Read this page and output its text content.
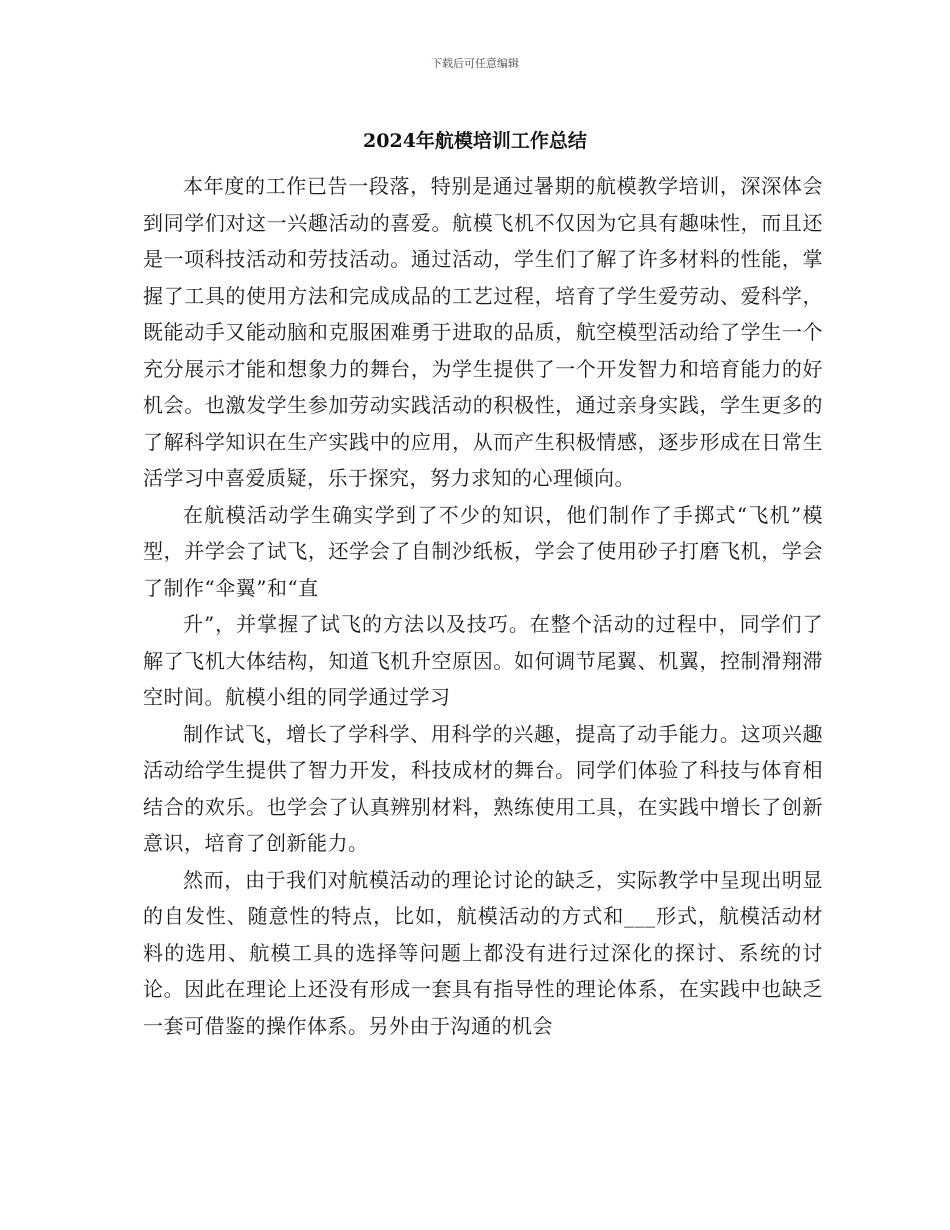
下载后可任意编辑
2024年航模培训工作总结

本年度的工作已告一段落，特别是通过暑期的航模教学培训，深深体会到同学们对这一兴趣活动的喜爱。航模飞机不仅因为它具有趣味性，而且还是一项科技活动和劳技活动。通过活动，学生们了解了许多材料的性能，掌握了工具的使用方法和完成成品的工艺过程，培育了学生爱劳动、爱科学，既能动手又能动脑和克服困难勇于进取的品质，航空模型活动给了学生一个充分展示才能和想象力的舞台，为学生提供了一个开发智力和培育能力的好机会。也激发学生参加劳动实践活动的积极性，通过亲身实践，学生更多的了解科学知识在生产实践中的应用，从而产生积极情感，逐步形成在日常生活学习中喜爱质疑，乐于探究，努力求知的心理倾向。

在航模活动学生确实学到了不少的知识，他们制作了手掷式“飞机”模型，并学会了试飞，还学会了自制沙纸板，学会了使用砂子打磨飞机，学会了制作“伞翼”和“直

升”，并掌握了试飞的方法以及技巧。在整个活动的过程中，同学们了解了飞机大体结构，知道飞机升空原因。如何调节尾翼、机翼，控制滑翔滞空时间。航模小组的同学通过学习

制作试飞，增长了学科学、用科学的兴趣，提高了动手能力。这项兴趣活动给学生提供了智力开发，科技成材的舞台。同学们体验了科技与体育相结合的欢乐。也学会了认真辨别材料，熟练使用工具，在实践中增长了创新意识，培育了创新能力。

然而，由于我们对航模活动的理论讨论的缺乏，实际教学中呈现出明显的自发性、随意性的特点，比如，航模活动的方式和___形式，航模活动材料的选用、航模工具的选择等问题上都没有进行过深化的探讨、系统的讨论。因此在理论上还没有形成一套具有指导性的理论体系，在实践中也缺乏一套可借鉴的操作体系。另外由于沟通的机会
